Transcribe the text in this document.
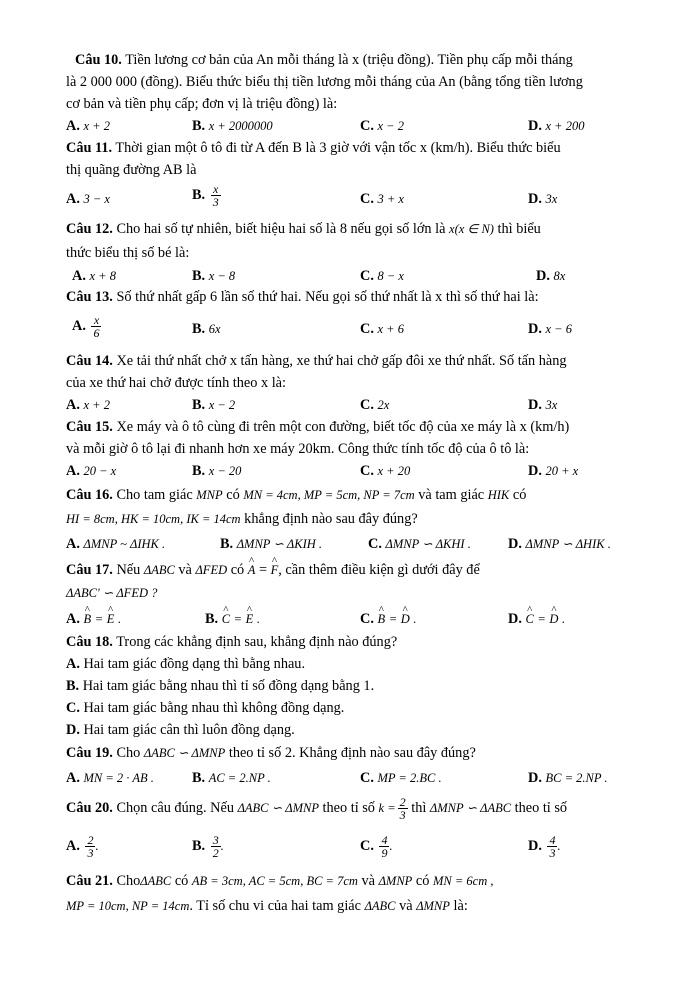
Câu 10. Tiền lương cơ bản của An mỗi tháng là x (triệu đồng). Tiền phụ cấp mỗi tháng
là 2 000 000 (đồng). Biểu thức biểu thị tiền lương mỗi tháng của An (bằng tổng tiền lương
cơ bản và tiền phụ cấp; đơn vị là triệu đồng) là:
A. x + 2	B. x + 2000000	C. x − 2	D. x + 200
Câu 11. Thời gian một ô tô đi từ A đến B là 3 giờ với vận tốc x (km/h). Biểu thức biểu
thị quãng đường AB là
A. 3 − x	B. $\frac{x}{3}$	C. 3 + x	D. 3x
Câu 12. Cho hai số tự nhiên, biết hiệu hai số là 8 nếu gọi số lớn là x(x ∈ N) thì biểu
thức biểu thị số bé là:
A. x + 8	B. x − 8	C. 8 − x	D. 8x
Câu 13. Số thứ nhất gấp 6 lần số thứ hai. Nếu gọi số thứ nhất là x thì số thứ hai là:
A. $\frac{x}{6}$	B. 6x	C. x + 6	D. x − 6
Câu 14. Xe tải thứ nhất chở x tấn hàng, xe thứ hai chở gấp đôi xe thứ nhất. Số tấn hàng
của xe thứ hai chở được tính theo x là:
A. x + 2	B. x − 2	C. 2x	D. 3x
Câu 15. Xe máy và ô tô cùng đi trên một con đường, biết tốc độ của xe máy là x (km/h)
và mỗi giờ ô tô lại đi nhanh hơn xe máy 20km. Công thức tính tốc độ của ô tô là:
A. 20 − x	B. x − 20	C. x + 20	D. 20 + x
Câu 16. Cho tam giác MNP có MN = 4cm, MP = 5cm, NP = 7cm và tam giác HIK có
HI = 8cm, HK = 10cm, IK = 14cm khẳng định nào sau đây đúng?
A. ΔMNP ~ ΔIHK .	B. ΔMNP ∽ ΔKIH .	C. ΔMNP ∽ ΔKHI .	D. ΔMNP ∽ ΔHIK .
Câu 17. Nếu ΔABC và ΔFED có ^ A = ^ F, cần thêm điều kiện gì dưới đây để
ΔABC' ∽ ΔFED ?
A. ^ B = ^ E .	B. ^ C = ^ E .	C. ^ B = ^ D .	D. ^ C = ^ D .
Câu 18. Trong các khẳng định sau, khẳng định nào đúng?
A. Hai tam giác đồng dạng thì bằng nhau.
B. Hai tam giác bằng nhau thì tỉ số đồng dạng bằng 1.
C. Hai tam giác bằng nhau thì không đồng dạng.
D. Hai tam giác cân thì luôn đồng dạng.
Câu 19. Cho ΔABC ∽ ΔMNP theo tỉ số 2. Khẳng định nào sau đây đúng?
A. MN = 2 · AB .	B. AC = 2.NP .	C. MP = 2.BC .	D. BC = 2.NP .
Câu 20. Chọn câu đúng. Nếu ΔABC ∽ ΔMNP theo tỉ số $k = \frac{2}{3}$ thì ΔMNP ∽ ΔABC theo tỉ số
A. $\frac{2}{3}$ .	B. $\frac{3}{2}$ .	C. $\frac{4}{9}$ .	D. $\frac{4}{3}$ .
Câu 21. ChoΔABC có AB = 3cm, AC = 5cm, BC = 7cm và ΔMNP có MN = 6cm ,
MP = 10cm, NP = 14cm. Tỉ số chu vi của hai tam giác ΔABC và ΔMNP là:
